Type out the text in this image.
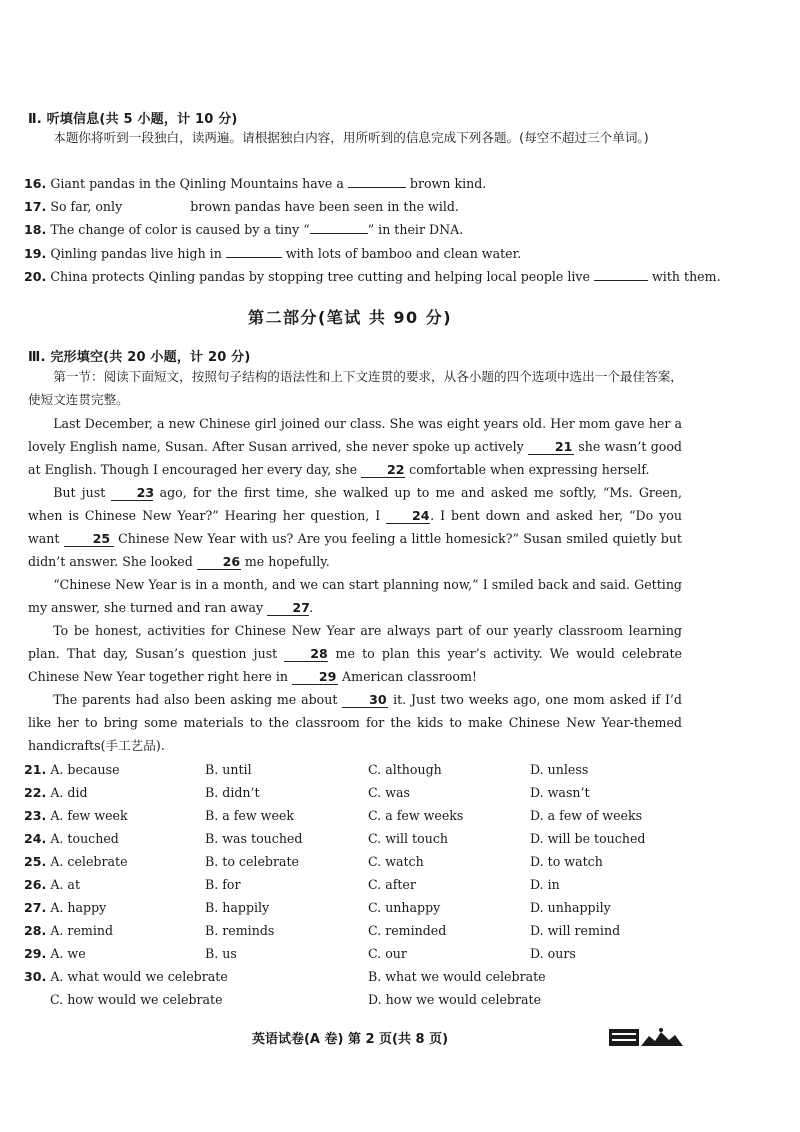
Ⅱ. 听填信息(共 5 小题，计 10 分)
本题你将听到一段独白，读两遍。请根据独白内容，用所听到的信息完成下列各题。(每空不超过三个单词。)
16. Giant pandas in the Qinling Mountains have a	brown kind.
17. So far, only	brown pandas have been seen in the wild.
18. The change of color is caused by a tiny “	” in their DNA.
19. Qinling pandas live high in	with lots of bamboo and clean water.
20. China protects Qinling pandas by stopping tree cutting and helping local people live	with them.
第二部分(笔试 共 90 分)
Ⅲ. 完形填空(共 20 小题，计 20 分)
第一节：阅读下面短文，按照句子结构的语法性和上下文连贯的要求，从各小题的四个选项中选出一个最佳答案，使短文连贯完整。

Last December, a new Chinese girl joined our class. She was eight years old. Her mom gave her a lovely English name, Susan. After Susan arrived, she never spoke up actively 21 she wasn’t good at English. Though I encouraged her every day, she 22 comfortable when expressing herself.

But just 23 ago, for the first time, she walked up to me and asked me softly, “Ms. Green, when is Chinese New Year?” Hearing her question, I	24. I bent down and asked her, “Do you want	25 Chinese New Year with us? Are you feeling a little homesick?” Susan smiled quietly but didn’t answer. She looked 26 me hopefully.

“Chinese New Year is in a month, and we can start planning now,” I smiled back and said. Getting my answer, she turned and ran away 27.

To be honest, activities for Chinese New Year are always part of our yearly classroom learning plan. That day, Susan’s question just	28 me to plan this year’s activity. We would celebrate Chinese New Year together right here in 29 American classroom!

The parents had also been asking me about	30 it. Just two weeks ago, one mom asked if I’d like her to bring some materials to the classroom for the kids to make Chinese New Year-themed handicrafts(手工艺品).

21. A. because	B. until	C. although	D. unless
22. A. did	B. didn’t	C. was	D. wasn’t
23. A. few week	B. a few week	C. a few weeks	D. a few of weeks
24. A. touched	B. was touched	C. will touch	D. will be touched
25. A. celebrate	B. to celebrate	C. watch	D. to watch
26. A. at	B. for	C. after	D. in
27. A. happy	B. happily	C. unhappy	D. unhappily
28. A. remind	B. reminds	C. reminded	D. will remind
29. A. we	B. us	C. our	D. ours
30. A. what would we celebrate	B. what we would celebrate
C. how would we celebrate	D. how we would celebrate
英语试卷(A 卷) 第 2 页(共 8 页)
